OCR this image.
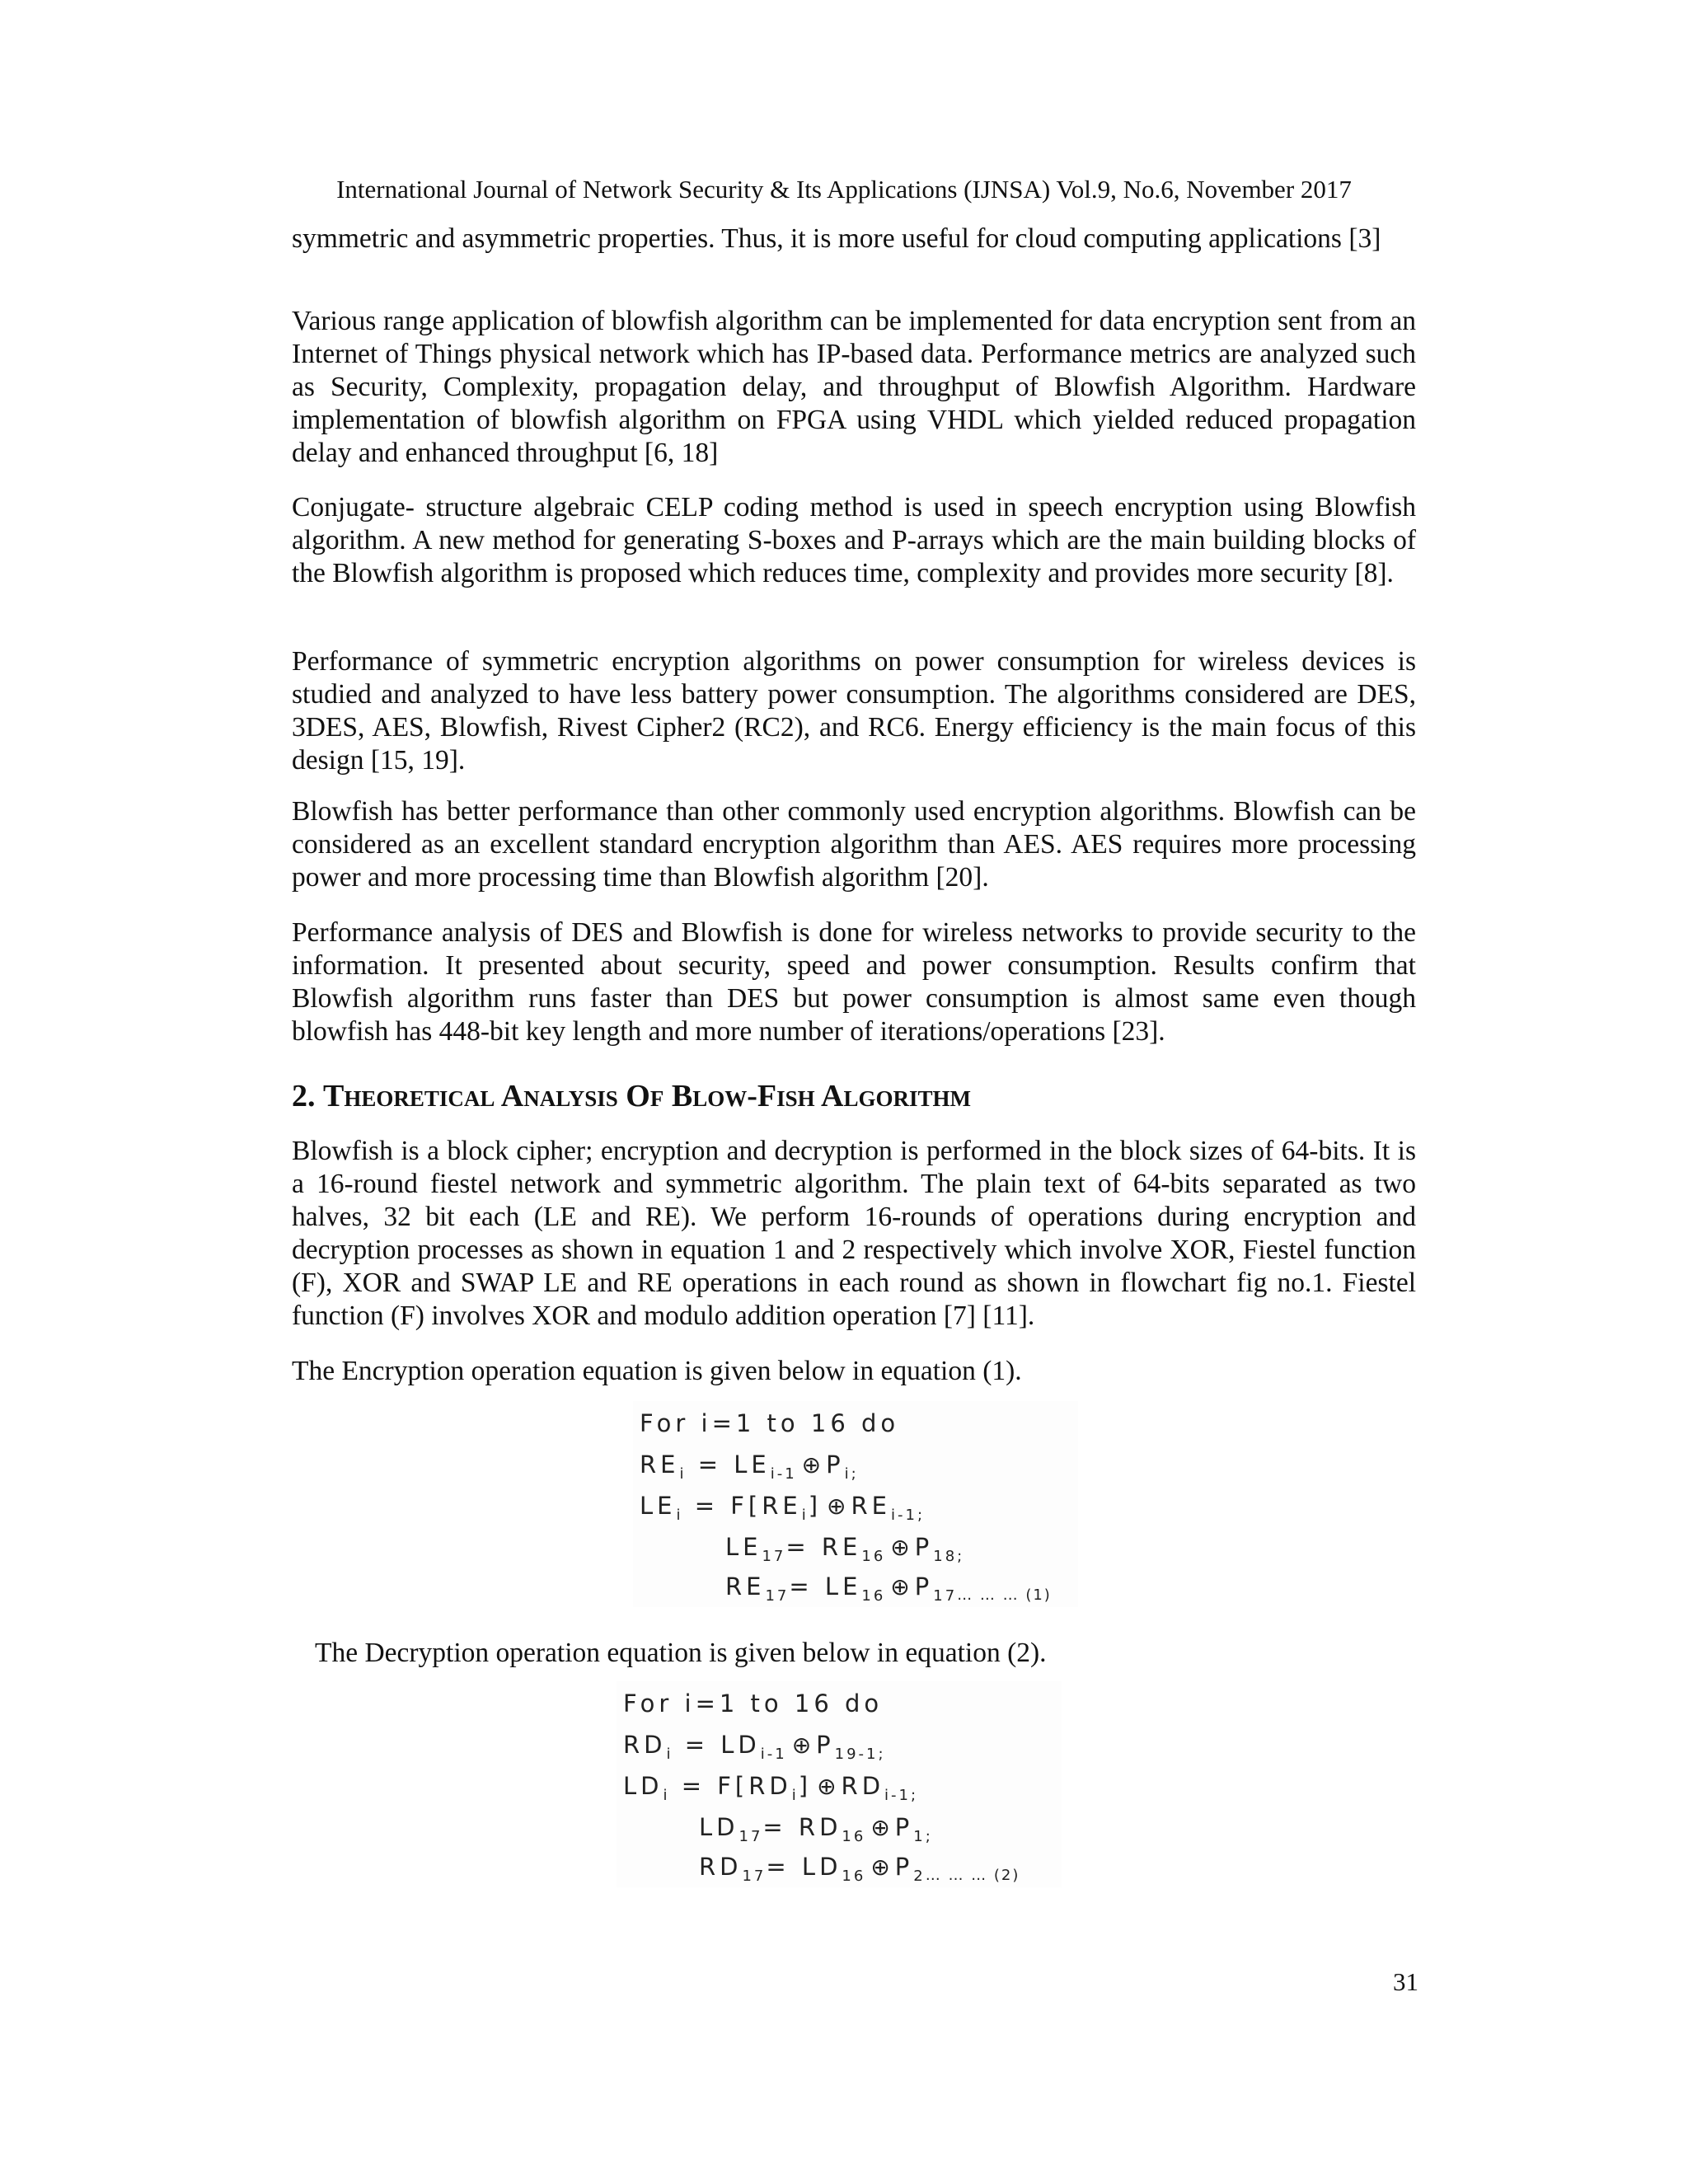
International Journal of Network Security & Its Applications (IJNSA) Vol.9, No.6, November 2017

symmetric and asymmetric properties. Thus, it is more useful for cloud computing applications [3]

Various range application of blowfish algorithm can be implemented for data encryption sent from an Internet of Things physical network which has IP-based data. Performance metrics are analyzed such as Security, Complexity, propagation delay, and throughput of Blowfish Algorithm. Hardware implementation of blowfish algorithm on FPGA using VHDL which yielded reduced propagation delay and enhanced throughput [6, 18]

Conjugate- structure algebraic CELP coding method is used in speech encryption using Blowfish algorithm. A new method for generating S-boxes and P-arrays which are the main building blocks of the Blowfish algorithm is proposed which reduces time, complexity and provides more security [8].

Performance of symmetric encryption algorithms on power consumption for wireless devices is studied and analyzed to have less battery power consumption. The algorithms considered are DES, 3DES, AES, Blowfish, Rivest Cipher2 (RC2), and RC6. Energy efficiency is the main focus of this design [15, 19].

Blowfish has better performance than other commonly used encryption algorithms. Blowfish can be considered as an excellent standard encryption algorithm than AES. AES requires more processing power and more processing time than Blowfish algorithm [20].

Performance analysis of DES and Blowfish is done for wireless networks to provide security to the information. It presented about security, speed and power consumption. Results confirm that Blowfish algorithm runs faster than DES but power consumption is almost same even though blowfish has 448-bit key length and more number of iterations/operations [23].

2. Theoretical Analysis Of Blow-Fish Algorithm

Blowfish is a block cipher; encryption and decryption is performed in the block sizes of 64-bits. It is a 16-round fiestel network and symmetric algorithm. The plain text of 64-bits separated as two halves, 32 bit each (LE and RE). We perform 16-rounds of operations during encryption and decryption processes as shown in equation 1 and 2 respectively which involve XOR, Fiestel function (F), XOR and SWAP LE and RE operations in each round as shown in flowchart fig no.1. Fiestel function (F) involves XOR and modulo addition operation [7] [11].

The Encryption operation equation is given below in equation (1).

For i=1 to 16 do
$RE_i = LE_{i-1}$ ⊕ $P_{i;}$
$LE_i = F[RE_i]$ ⊕ $RE_{i-1;}$
$LE_{17}= RE_{16}$ ⊕ $P_{18;}$
$RE_{17}= LE_{16}$ ⊕ $P_{17\dots \dots \dots (1)}$

The Decryption operation equation is given below in equation (2).

For i=1 to 16 do
$RD_i = LD_{i-1}$ ⊕ $P_{19-1;}$
$LD_i = F[RD_i]$ ⊕ $RD_{i-1;}$
$LD_{17}= RD_{16}$ ⊕ $P_{1;}$
$RD_{17}= LD_{16}$ ⊕ $P_{2\dots \dots \dots (2)}$
31
